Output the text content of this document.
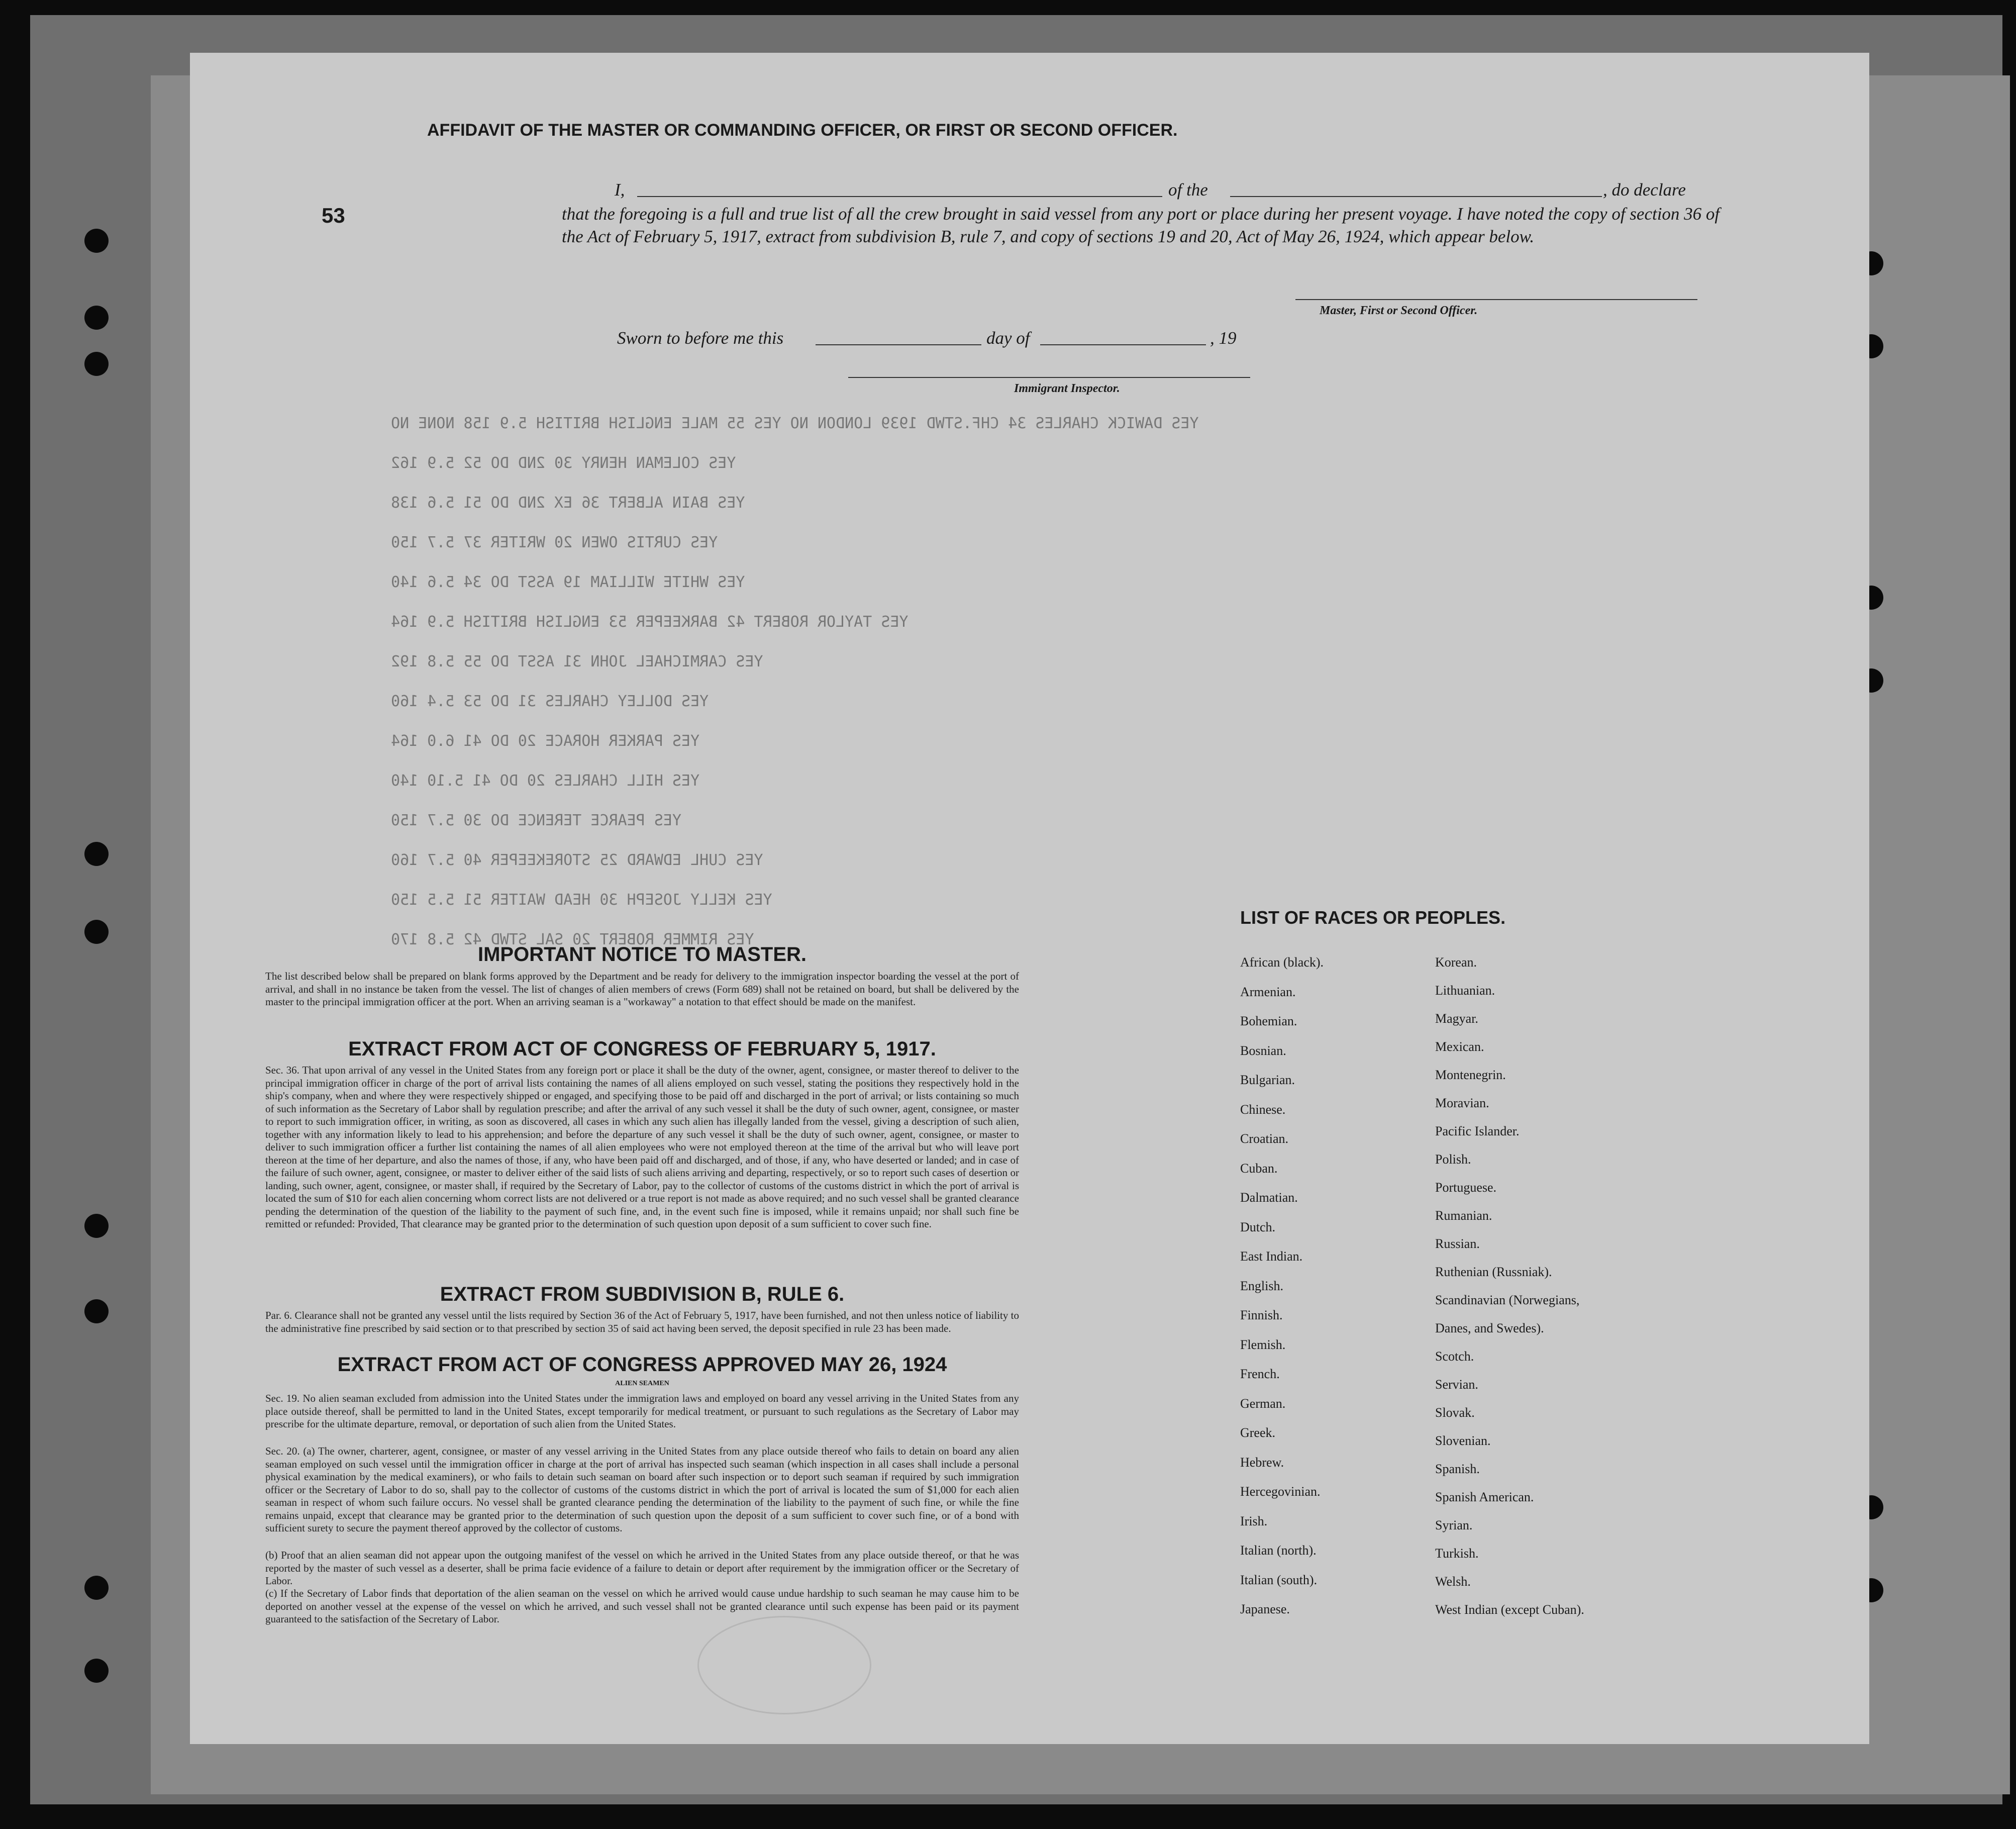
YES DAWICK CHARLES 34 CHF.STWD 1939 LONDON NO YES 55 MALE ENGLISH BRITISH 5.9 158 NONE NO
YES COLEMAN HENRY 30 2ND DO 52 5.9 162
YES BAIN ALBERT 36 EX 2ND DO 51 5.6 138
YES CURTIS OWEN 20 WRITER 37 5.7 150
YES WHITE WILLIAM 19 ASST DO 34 5.6 140
YES TAYLOR ROBERT 42 BARKEEPER 53 ENGLISH BRITISH 5.9 164
YES CARMICHAEL JOHN 31 ASST DO 55 5.8 192
YES DOLLEY CHARLES 31 DO 53 5.4 160
YES PARKER HORACE 20 DO 41 6.0 164
YES HILL CHARLES 20 DO 41 5.10 140
YES PEARCE TERENCE DO 30 5.7 150
YES CUHL EDWARD 25 STOREKEEPER 40 5.7 160
YES KELLY JOSEPH 30 HEAD WAITER 51 5.5 150
YES RIMMER ROBERT 20 SAL STWD 42 5.8 170
53
AFFIDAVIT OF THE MASTER OR COMMANDING OFFICER, OR FIRST OR SECOND OFFICER.
I,	of the	, do declare
that the foregoing is a full and true list of all the crew brought in said vessel from any port or place during her present voyage. I have noted the copy of section 36 of the Act of February 5, 1917, extract from subdivision B, rule 7, and copy of sections 19 and 20, Act of May 26, 1924, which appear below.
Master, First or Second Officer.
Sworn to before me this	day of	, 19
Immigrant Inspector.
IMPORTANT NOTICE TO MASTER.
The list described below shall be prepared on blank forms approved by the Department and be ready for delivery to the immigration inspector boarding the vessel at the port of arrival, and shall in no instance be taken from the vessel. The list of changes of alien members of crews (Form 689) shall not be retained on board, but shall be delivered by the master to the principal immigration officer at the port. When an arriving seaman is a "workaway" a notation to that effect should be made on the manifest.
EXTRACT FROM ACT OF CONGRESS OF FEBRUARY 5, 1917.
Sec. 36. That upon arrival of any vessel in the United States from any foreign port or place it shall be the duty of the owner, agent, consignee, or master thereof to deliver to the principal immigration officer in charge of the port of arrival lists containing the names of all aliens employed on such vessel, stating the positions they respectively hold in the ship's company, when and where they were respectively shipped or engaged, and specifying those to be paid off and discharged in the port of arrival; or lists containing so much of such information as the Secretary of Labor shall by regulation prescribe; and after the arrival of any such vessel it shall be the duty of such owner, agent, consignee, or master to report to such immigration officer, in writing, as soon as discovered, all cases in which any such alien has illegally landed from the vessel, giving a description of such alien, together with any information likely to lead to his apprehension; and before the departure of any such vessel it shall be the duty of such owner, agent, consignee, or master to deliver to such immigration officer a further list containing the names of all alien employees who were not employed thereon at the time of the arrival but who will leave port thereon at the time of her departure, and also the names of those, if any, who have been paid off and discharged, and of those, if any, who have deserted or landed; and in case of the failure of such owner, agent, consignee, or master to deliver either of the said lists of such aliens arriving and departing, respectively, or so to report such cases of desertion or landing, such owner, agent, consignee, or master shall, if required by the Secretary of Labor, pay to the collector of customs of the customs district in which the port of arrival is located the sum of $10 for each alien concerning whom correct lists are not delivered or a true report is not made as above required; and no such vessel shall be granted clearance pending the determination of the question of the liability to the payment of such fine, and, in the event such fine is imposed, while it remains unpaid; nor shall such fine be remitted or refunded: Provided, That clearance may be granted prior to the determination of such question upon deposit of a sum sufficient to cover such fine.
EXTRACT FROM SUBDIVISION B, RULE 6.
Par. 6. Clearance shall not be granted any vessel until the lists required by Section 36 of the Act of February 5, 1917, have been furnished, and not then unless notice of liability to the administrative fine prescribed by said section or to that prescribed by section 35 of said act having been served, the deposit specified in rule 23 has been made.
EXTRACT FROM ACT OF CONGRESS APPROVED MAY 26, 1924
ALIEN SEAMEN
Sec. 19. No alien seaman excluded from admission into the United States under the immigration laws and employed on board any vessel arriving in the United States from any place outside thereof, shall be permitted to land in the United States, except temporarily for medical treatment, or pursuant to such regulations as the Secretary of Labor may prescribe for the ultimate departure, removal, or deportation of such alien from the United States.
Sec. 20. (a) The owner, charterer, agent, consignee, or master of any vessel arriving in the United States from any place outside thereof who fails to detain on board any alien seaman employed on such vessel until the immigration officer in charge at the port of arrival has inspected such seaman (which inspection in all cases shall include a personal physical examination by the medical examiners), or who fails to detain such seaman on board after such inspection or to deport such seaman if required by such immigration officer or the Secretary of Labor to do so, shall pay to the collector of customs of the customs district in which the port of arrival is located the sum of $1,000 for each alien seaman in respect of whom such failure occurs. No vessel shall be granted clearance pending the determination of the liability to the payment of such fine, or while the fine remains unpaid, except that clearance may be granted prior to the determination of such question upon the deposit of a sum sufficient to cover such fine, or of a bond with sufficient surety to secure the payment thereof approved by the collector of customs.
(b) Proof that an alien seaman did not appear upon the outgoing manifest of the vessel on which he arrived in the United States from any place outside thereof, or that he was reported by the master of such vessel as a deserter, shall be prima facie evidence of a failure to detain or deport after requirement by the immigration officer or the Secretary of Labor.
(c) If the Secretary of Labor finds that deportation of the alien seaman on the vessel on which he arrived would cause undue hardship to such seaman he may cause him to be deported on another vessel at the expense of the vessel on which he arrived, and such vessel shall not be granted clearance until such expense has been paid or its payment guaranteed to the satisfaction of the Secretary of Labor.
LIST OF RACES OR PEOPLES.
African (black).
Armenian.
Bohemian.
Bosnian.
Bulgarian.
Chinese.
Croatian.
Cuban.
Dalmatian.
Dutch.
East Indian.
English.
Finnish.
Flemish.
French.
German.
Greek.
Hebrew.
Hercegovinian.
Irish.
Italian (north).
Italian (south).
Japanese.
Korean.
Lithuanian.
Magyar.
Mexican.
Montenegrin.
Moravian.
Pacific Islander.
Polish.
Portuguese.
Rumanian.
Russian.
Ruthenian (Russniak).
Scandinavian (Norwegians,
Danes, and Swedes).
Scotch.
Servian.
Slovak.
Slovenian.
Spanish.
Spanish American.
Syrian.
Turkish.
Welsh.
West Indian (except Cuban).
